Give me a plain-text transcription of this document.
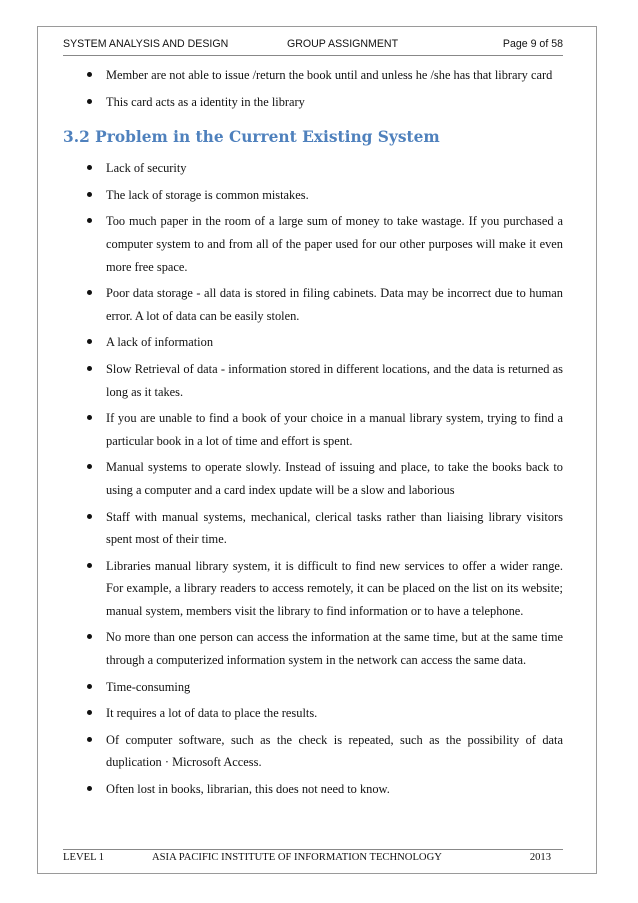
SYSTEM ANALYSIS AND DESIGN	GROUP ASSIGNMENT	Page 9 of 58
Member are not able to issue /return the book until and unless he /she has that library card
This card acts as a identity in the library
3.2 Problem in the Current Existing System
Lack of security
The lack of storage is common mistakes.
Too much paper in the room of a large sum of money to take wastage. If you purchased a computer system to and from all of the paper used for our other purposes will make it even more free space.
Poor data storage - all data is stored in filing cabinets. Data may be incorrect due to human error. A lot of data can be easily stolen.
A lack of information
Slow Retrieval of data - information stored in different locations, and the data is returned as long as it takes.
If you are unable to find a book of your choice in a manual library system, trying to find a particular book in a lot of time and effort is spent.
Manual systems to operate slowly. Instead of issuing and place, to take the books back to using a computer and a card index update will be a slow and laborious
Staff with manual systems, mechanical, clerical tasks rather than liaising library visitors spent most of their time.
Libraries manual library system, it is difficult to find new services to offer a wider range. For example, a library readers to access remotely, it can be placed on the list on its website; manual system, members visit the library to find information or to have a telephone.
No more than one person can access the information at the same time, but at the same time through a computerized information system in the network can access the same data.
Time-consuming
It requires a lot of data to place the results.
Of computer software, such as the check is repeated, such as the possibility of data duplication · Microsoft Access.
Often lost in books, librarian, this does not need to know.
LEVEL 1	ASIA PACIFIC INSTITUTE OF INFORMATION TECHNOLOGY	2013
